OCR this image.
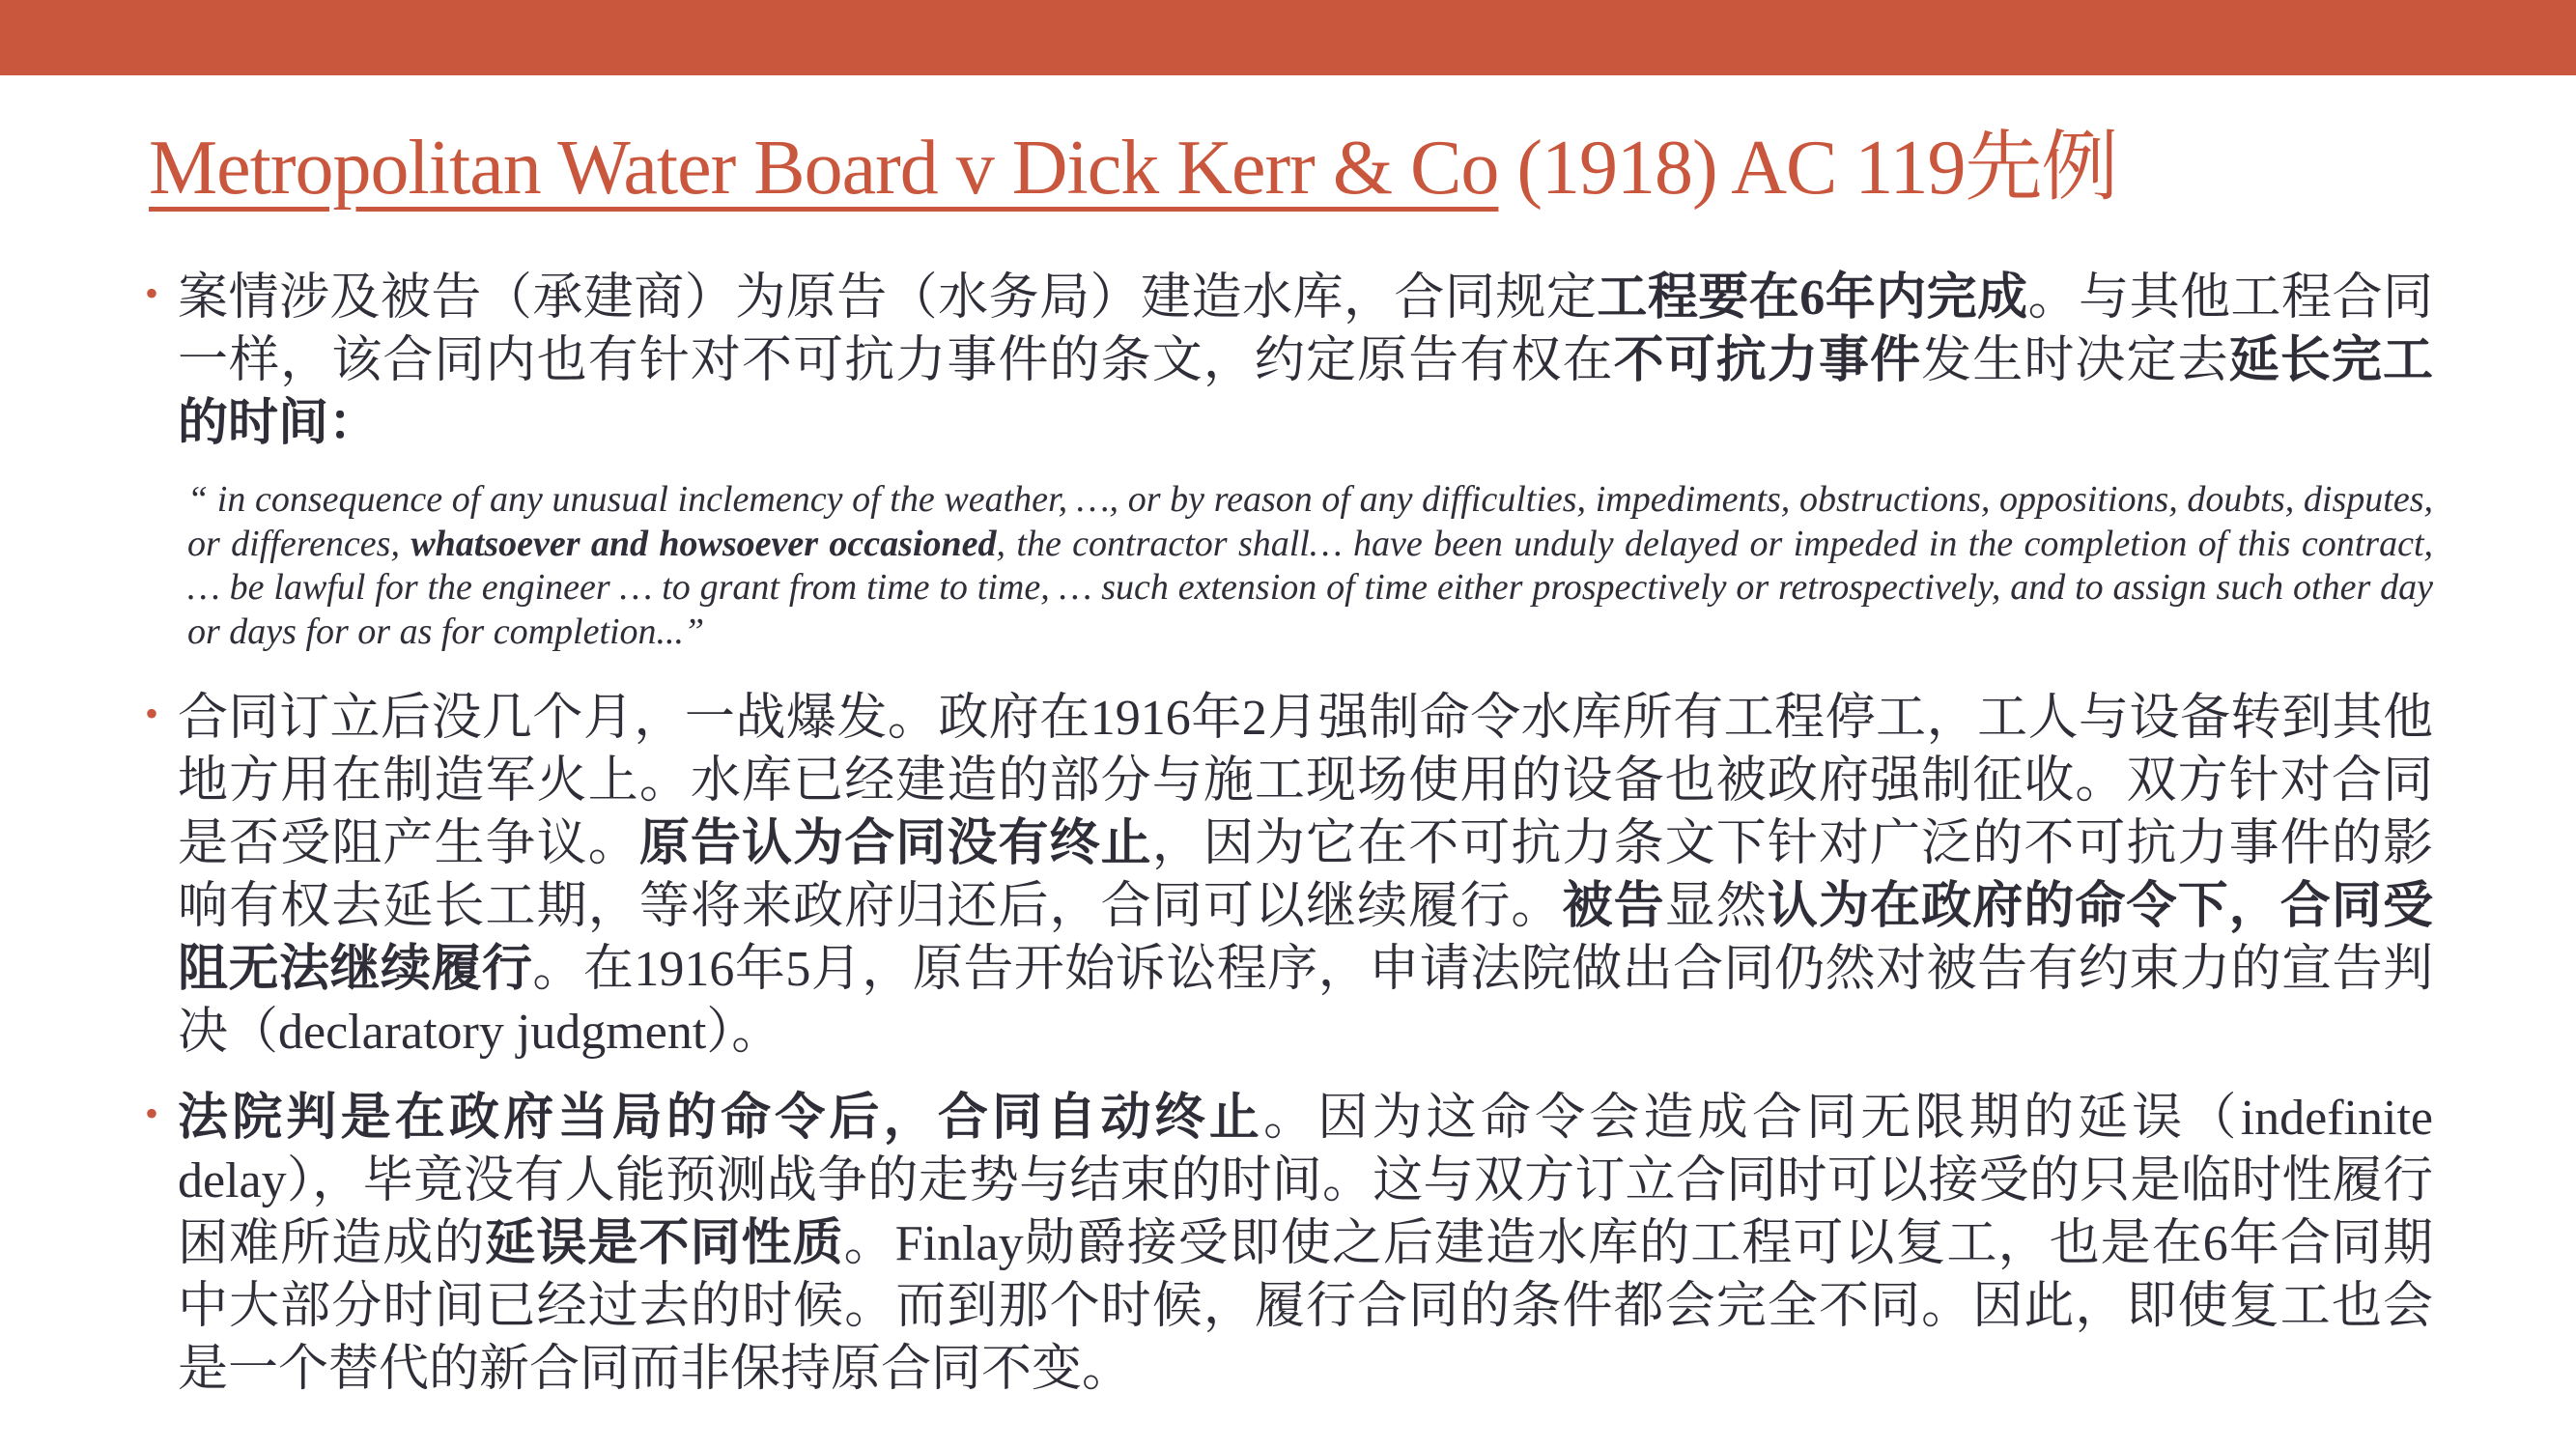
Metropolitan Water Board v Dick Kerr & Co (1918) AC 119先例

• 案情涉及被告（承建商）为原告（水务局）建造水库，合同规定工程要在6年内完成。与其他工程合同一样，该合同内也有针对不可抗力事件的条文，约定原告有权在不可抗力事件发生时决定去延长完工的时间：

“ in consequence of any unusual inclemency of the weather, …, or by reason of any difficulties, impediments, obstructions, oppositions, doubts, disputes, or differences, whatsoever and howsoever occasioned, the contractor shall… have been unduly delayed or impeded in the completion of this contract, … be lawful for the engineer … to grant from time to time, … such extension of time either prospectively or retrospectively, and to assign such other day or days for or as for completion...”

• 合同订立后没几个月，一战爆发。政府在1916年2月强制命令水库所有工程停工，工人与设备转到其他地方用在制造军火上。水库已经建造的部分与施工现场使用的设备也被政府强制征收。双方针对合同是否受阻产生争议。原告认为合同没有终止，因为它在不可抗力条文下针对广泛的不可抗力事件的影响有权去延长工期，等将来政府归还后，合同可以继续履行。被告显然认为在政府的命令下，合同受阻无法继续履行。在1916年5月，原告开始诉讼程序，申请法院做出合同仍然对被告有约束力的宣告判决（declaratory judgment）。

• 法院判是在政府当局的命令后，合同自动终止。因为这命令会造成合同无限期的延误（indefinite delay），毕竟没有人能预测战争的走势与结束的时间。这与双方订立合同时可以接受的只是临时性履行困难所造成的延误是不同性质。Finlay勋爵接受即使之后建造水库的工程可以复工，也是在6年合同期中大部分时间已经过去的时候。而到那个时候，履行合同的条件都会完全不同。因此，即使复工也会是一个替代的新合同而非保持原合同不变。
